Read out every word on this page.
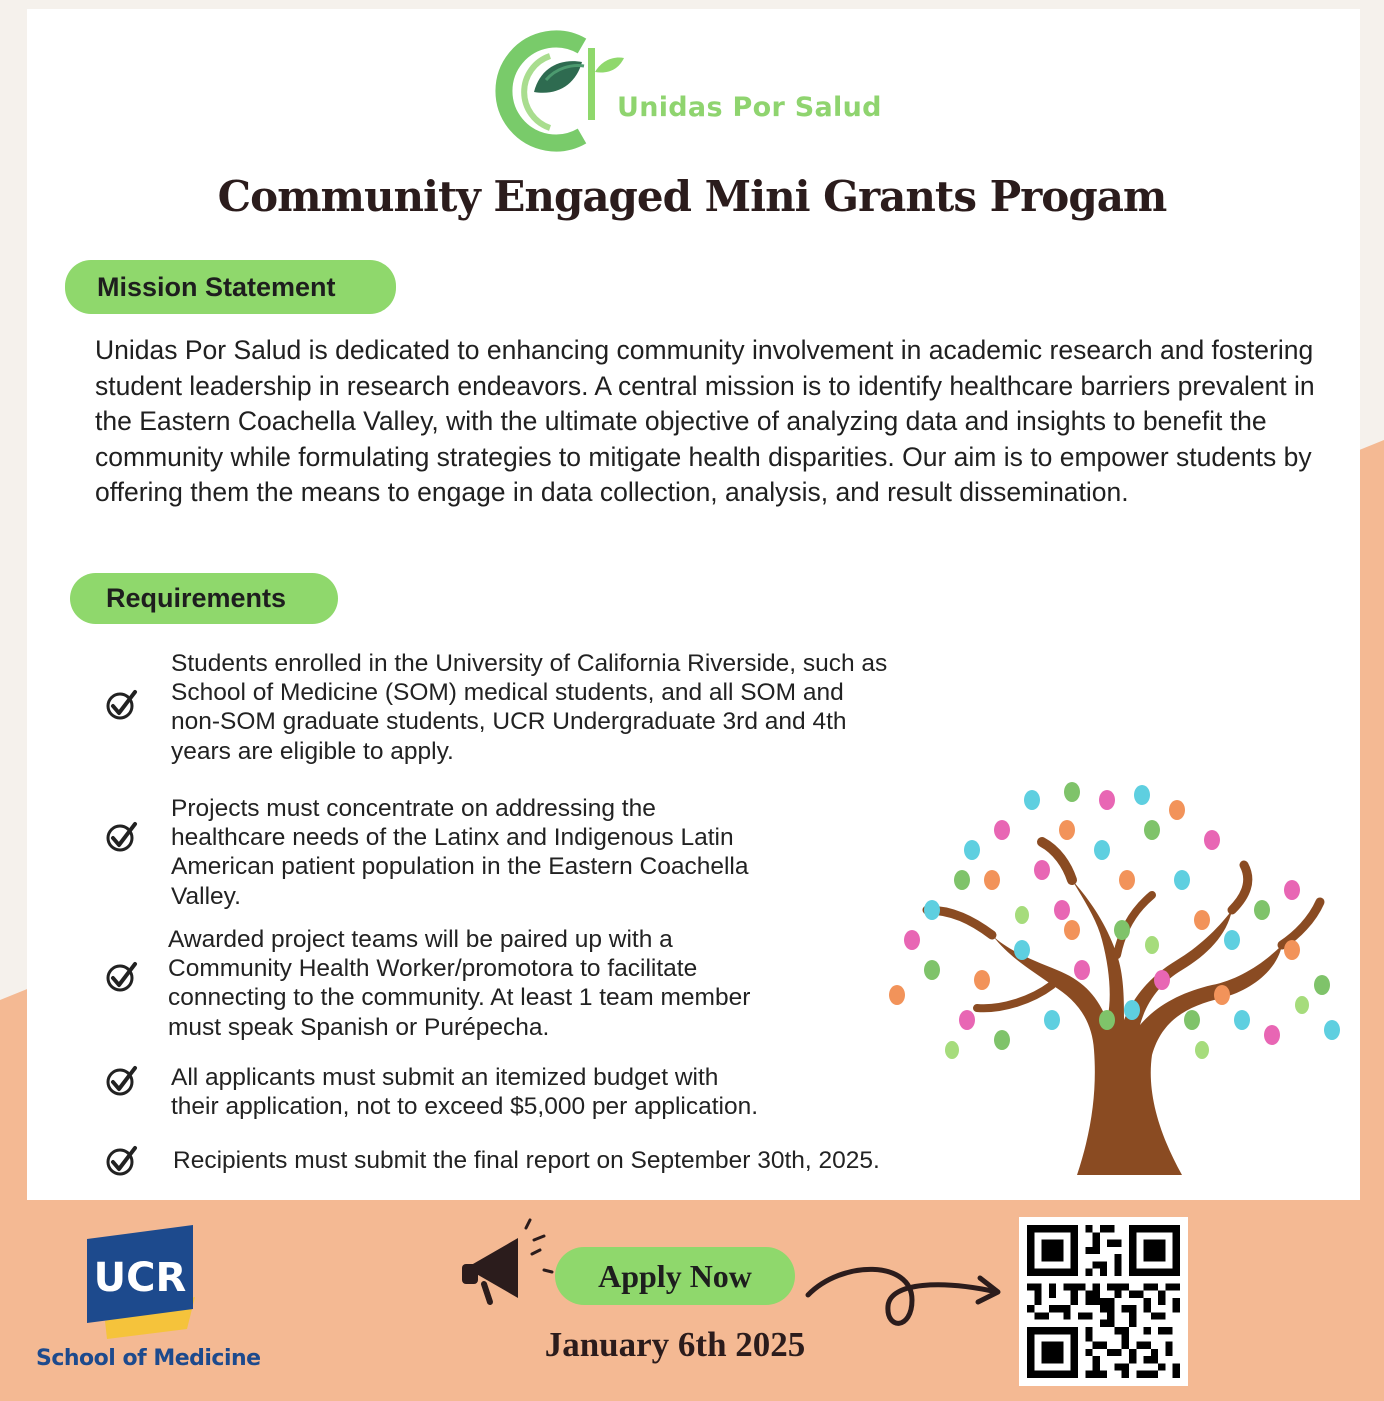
Unidas Por Salud
Community Engaged Mini Grants Progam
Mission Statement
Unidas Por Salud is dedicated to enhancing community involvement in academic research and fostering student leadership in research endeavors. A central mission is to identify healthcare barriers prevalent in the Eastern Coachella Valley, with the ultimate objective of analyzing data and insights to benefit the community while formulating strategies to mitigate health disparities. Our aim is to empower students by offering them the means to engage in data collection, analysis, and result dissemination.
Requirements
Students enrolled in the University of California Riverside, such as
School of Medicine (SOM) medical students, and all SOM and
non-SOM graduate students, UCR Undergraduate 3rd and 4th
years are eligible to apply.
Projects must concentrate on addressing the
healthcare needs of the Latinx and Indigenous Latin
American patient population in the Eastern Coachella
Valley.
Awarded project teams will be paired up with a
Community Health Worker/promotora to facilitate
connecting to the community. At least 1 team member
must speak Spanish or Purépecha.
All applicants must submit an itemized budget with
their application, not to exceed $5,000 per application.
Recipients must submit the final report on September 30th, 2025.
UCR
School of Medicine
Apply Now
January 6th 2025
